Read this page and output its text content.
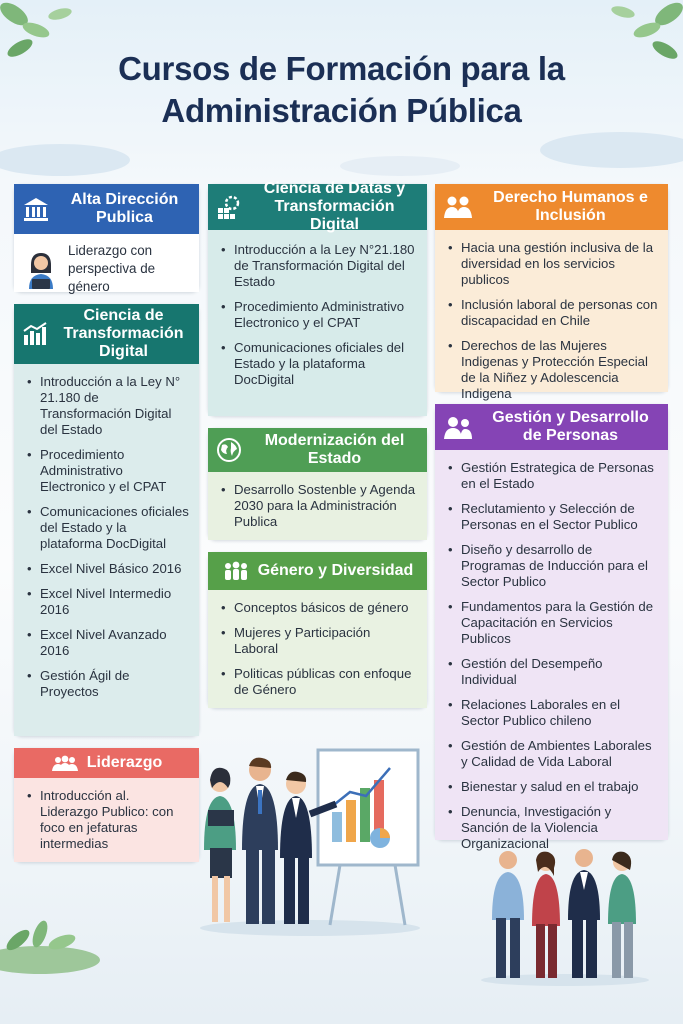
Cursos de Formación para la
Administración Pública
Alta Dirección Publica
Liderazgo con perspectiva de género
Ciencia de Transformación Digital
• Introducción a la Ley N° 21.180 de Transformación Digital del Estado
• Procedimiento Administrativo Electronico y el CPAT
• Comunicaciones oficiales del Estado y la plataforma DocDigital
• Excel Nivel Básico 2016
• Excel Nivel Intermedio 2016
• Excel Nivel Avanzado 2016
• Gestión Ágil de Proyectos
Liderazgo
• Introducción al. Liderazgo Publico: con foco en jefaturas intermedias
Ciencia de Datas y Transformación Digital
• Introducción a la Ley N°21.180 de Transformación Digital del Estado
• Procedimiento Administrativo Electronico y el CPAT
• Comunicaciones oficiales del Estado y la plataforma DocDigital
Modernización del Estado
• Desarrollo Sostenble y Agenda 2030 para la Administración Publica
Género y Diversidad
• Conceptos básicos de género
• Mujeres y Participación Laboral
• Politicas públicas con enfoque de Género
Derecho Humanos e Inclusión
• Hacia una gestión inclusiva de la diversidad en los servicios publicos
• Inclusión laboral de personas con discapacidad en Chile
• Derechos de las Mujeres Indigenas y Protección Especial de la Niñez y Adolescencia Indigena
Gestión y Desarrollo de Personas
• Gestión Estrategica de Personas en el Estado
• Reclutamiento y Selección de Personas en el Sector Publico
• Diseño y desarrollo de Programas de Inducción para el Sector Publico
• Fundamentos para la Gestión de Capacitación en Servicios Publicos
• Gestión del Desempeño Individual
• Relaciones Laborales en el Sector Publico chileno
• Gestión de Ambientes Laborales y Calidad de Vida Laboral
• Bienestar y salud en el trabajo
• Denuncia, Investigación y Sanción de la Violencia Organizacional
